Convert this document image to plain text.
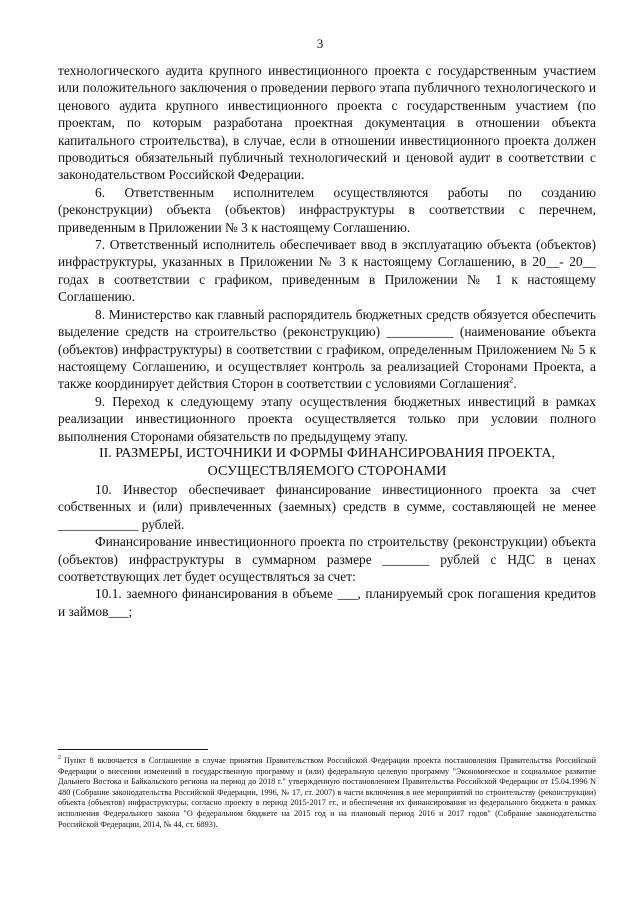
3

технологического аудита крупного инвестиционного проекта с государственным участием или положительного заключения о проведении первого этапа публичного технологического и ценового аудита крупного инвестиционного проекта с государственным участием (по проектам, по которым разработана проектная документация в отношении объекта капитального строительства), в случае, если в отношении инвестиционного проекта должен проводиться обязательный публичный технологический и ценовой аудит в соответствии с законодательством Российской Федерации.

6. Ответственным исполнителем осуществляются работы по созданию (реконструкции) объекта (объектов) инфраструктуры в соответствии с перечнем, приведенным в Приложении № 3 к настоящему Соглашению.

7. Ответственный исполнитель обеспечивает ввод в эксплуатацию объекта (объектов) инфраструктуры, указанных в Приложении № 3 к настоящему Соглашению, в 20__- 20__ годах в соответствии с графиком, приведенным в Приложении № 1 к настоящему Соглашению.

8. Министерство как главный распорядитель бюджетных средств обязуется обеспечить выделение средств на строительство (реконструкцию) __________ (наименование объекта (объектов) инфраструктуры) в соответствии с графиком, определенным Приложением № 5 к настоящему Соглашению, и осуществляет контроль за реализацией Сторонами Проекта, а также координирует действия Сторон в соответствии с условиями Соглашения$^2$.

9. Переход к следующему этапу осуществления бюджетных инвестиций в рамках реализации инвестиционного проекта осуществляется только при условии полного выполнения Сторонами обязательств по предыдущему этапу.

II. РАЗМЕРЫ, ИСТОЧНИКИ И ФОРМЫ ФИНАНСИРОВАНИЯ ПРОЕКТА, ОСУЩЕСТВЛЯЕМОГО СТОРОНАМИ

10. Инвестор обеспечивает финансирование инвестиционного проекта за счет собственных и (или) привлеченных (заемных) средств в сумме, составляющей не менее ____________ рублей.

Финансирование инвестиционного проекта по строительству (реконструкции) объекта (объектов) инфраструктуры в суммарном размере _______ рублей с НДС в ценах соответствующих лет будет осуществляться за счет:

10.1. заемного финансирования в объеме ___, планируемый срок погашения кредитов и займов___;

$^2$ Пункт 8 включается в Соглашение в случае принятия Правительством Российской Федерации проекта постановления Правительства Российской Федерации о внесении изменений в государственную программу и (или) федеральную целевую программу "Экономическое и социальное развитие Дальнего Востока и Байкальского региона на период до 2018 г." утвержденную постановлением Правительства Российской Федерации от 15.04.1996 N 480 (Собрание законодательства Российской Федерации, 1996, № 17, ст. 2007) в части включения в нее мероприятий по строительству (реконструкции) объекта (объектов) инфраструктуры, согласно проекту в период 2015-2017 гг., и обеспечения их финансирования из федерального бюджета в рамках исполнения Федерального закона "О федеральном бюджете на 2015 год и на плановый период 2016 и 2017 годов" (Собрание законодательства Российской Федерации, 2014, № 44, ст. 6893).
